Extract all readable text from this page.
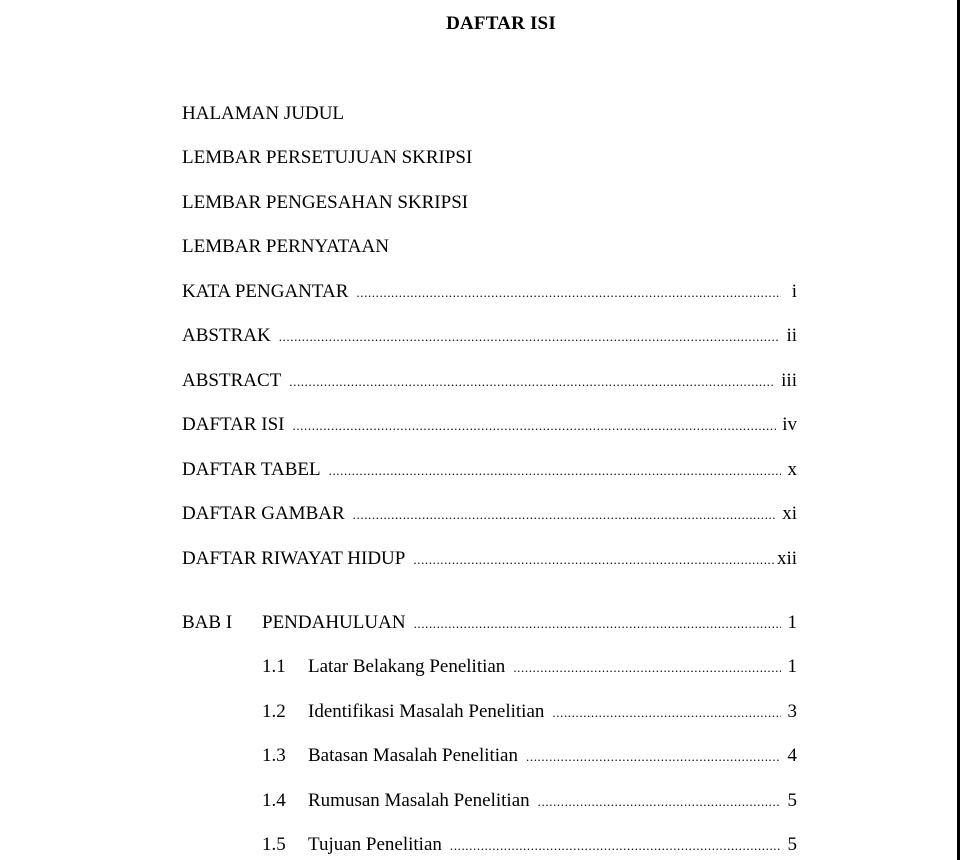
DAFTAR ISI
HALAMAN JUDUL
LEMBAR PERSETUJUAN SKRIPSI
LEMBAR PENGESAHAN SKRIPSI
LEMBAR PERNYATAAN
KATA PENGANTAR .....	i
ABSTRAK .....	ii
ABSTRACT .....	iii
DAFTAR ISI .....	iv
DAFTAR TABEL .....	x
DAFTAR GAMBAR .....	xi
DAFTAR RIWAYAT HIDUP .....	xii
BAB I	PENDAHULUAN .....	1
1.1	Latar Belakang Penelitian .....	1
1.2	Identifikasi Masalah Penelitian .....	3
1.3	Batasan Masalah Penelitian .....	4
1.4	Rumusan Masalah Penelitian .....	5
1.5	Tujuan Penelitian .....	5
